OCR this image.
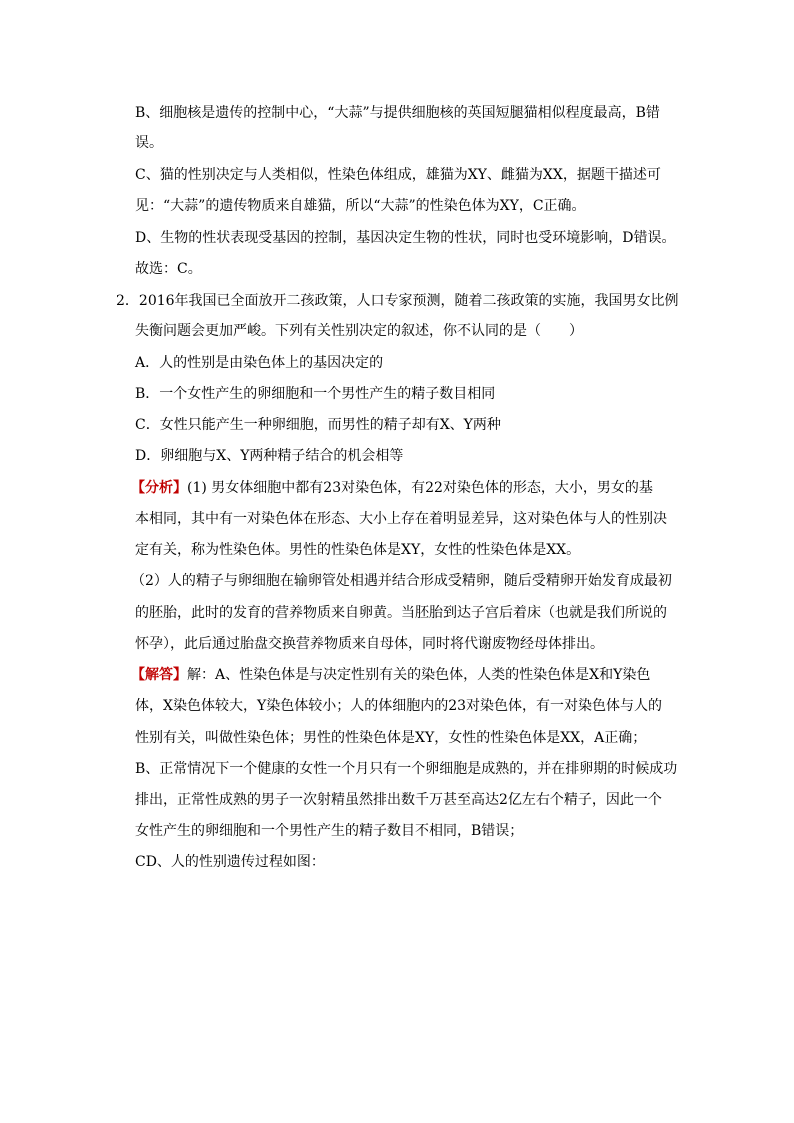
B、细胞核是遗传的控制中心，“大蒜”与提供细胞核的英国短腿猫相似程度最高，B错
误。
C、猫的性别决定与人类相似，性染色体组成，雄猫为XY、雌猫为XX，据题干描述可
见：“大蒜”的遗传物质来自雄猫，所以“大蒜”的性染色体为XY，C正确。
D、生物的性状表现受基因的控制，基因决定生物的性状，同时也受环境影响，D错误。
故选：C。
2．2016年我国已全面放开二孩政策，人口专家预测，随着二孩政策的实施，我国男女比例
失衡问题会更加严峻。下列有关性别决定的叙述，你不认同的是（　　）
A．人的性别是由染色体上的基因决定的
B．一个女性产生的卵细胞和一个男性产生的精子数目相同
C．女性只能产生一种卵细胞，而男性的精子却有X、Y两种
D．卵细胞与X、Y两种精子结合的机会相等
【分析】(1) 男女体细胞中都有23对染色体，有22对染色体的形态，大小，男女的基
本相同，其中有一对染色体在形态、大小上存在着明显差异，这对染色体与人的性别决
定有关，称为性染色体。男性的性染色体是XY，女性的性染色体是XX。
（2）人的精子与卵细胞在输卵管处相遇并结合形成受精卵，随后受精卵开始发育成最初
的胚胎，此时的发育的营养物质来自卵黄。当胚胎到达子宫后着床（也就是我们所说的
怀孕），此后通过胎盘交换营养物质来自母体，同时将代谢废物经母体排出。
【解答】解：A、性染色体是与决定性别有关的染色体，人类的性染色体是X和Y染色
体，X染色体较大，Y染色体较小；人的体细胞内的23对染色体，有一对染色体与人的
性别有关，叫做性染色体；男性的性染色体是XY，女性的性染色体是XX，A正确；
B、正常情况下一个健康的女性一个月只有一个卵细胞是成熟的，并在排卵期的时候成功
排出，正常性成熟的男子一次射精虽然排出数千万甚至高达2亿左右个精子，因此一个
女性产生的卵细胞和一个男性产生的精子数目不相同，B错误；
CD、人的性别遗传过程如图：
